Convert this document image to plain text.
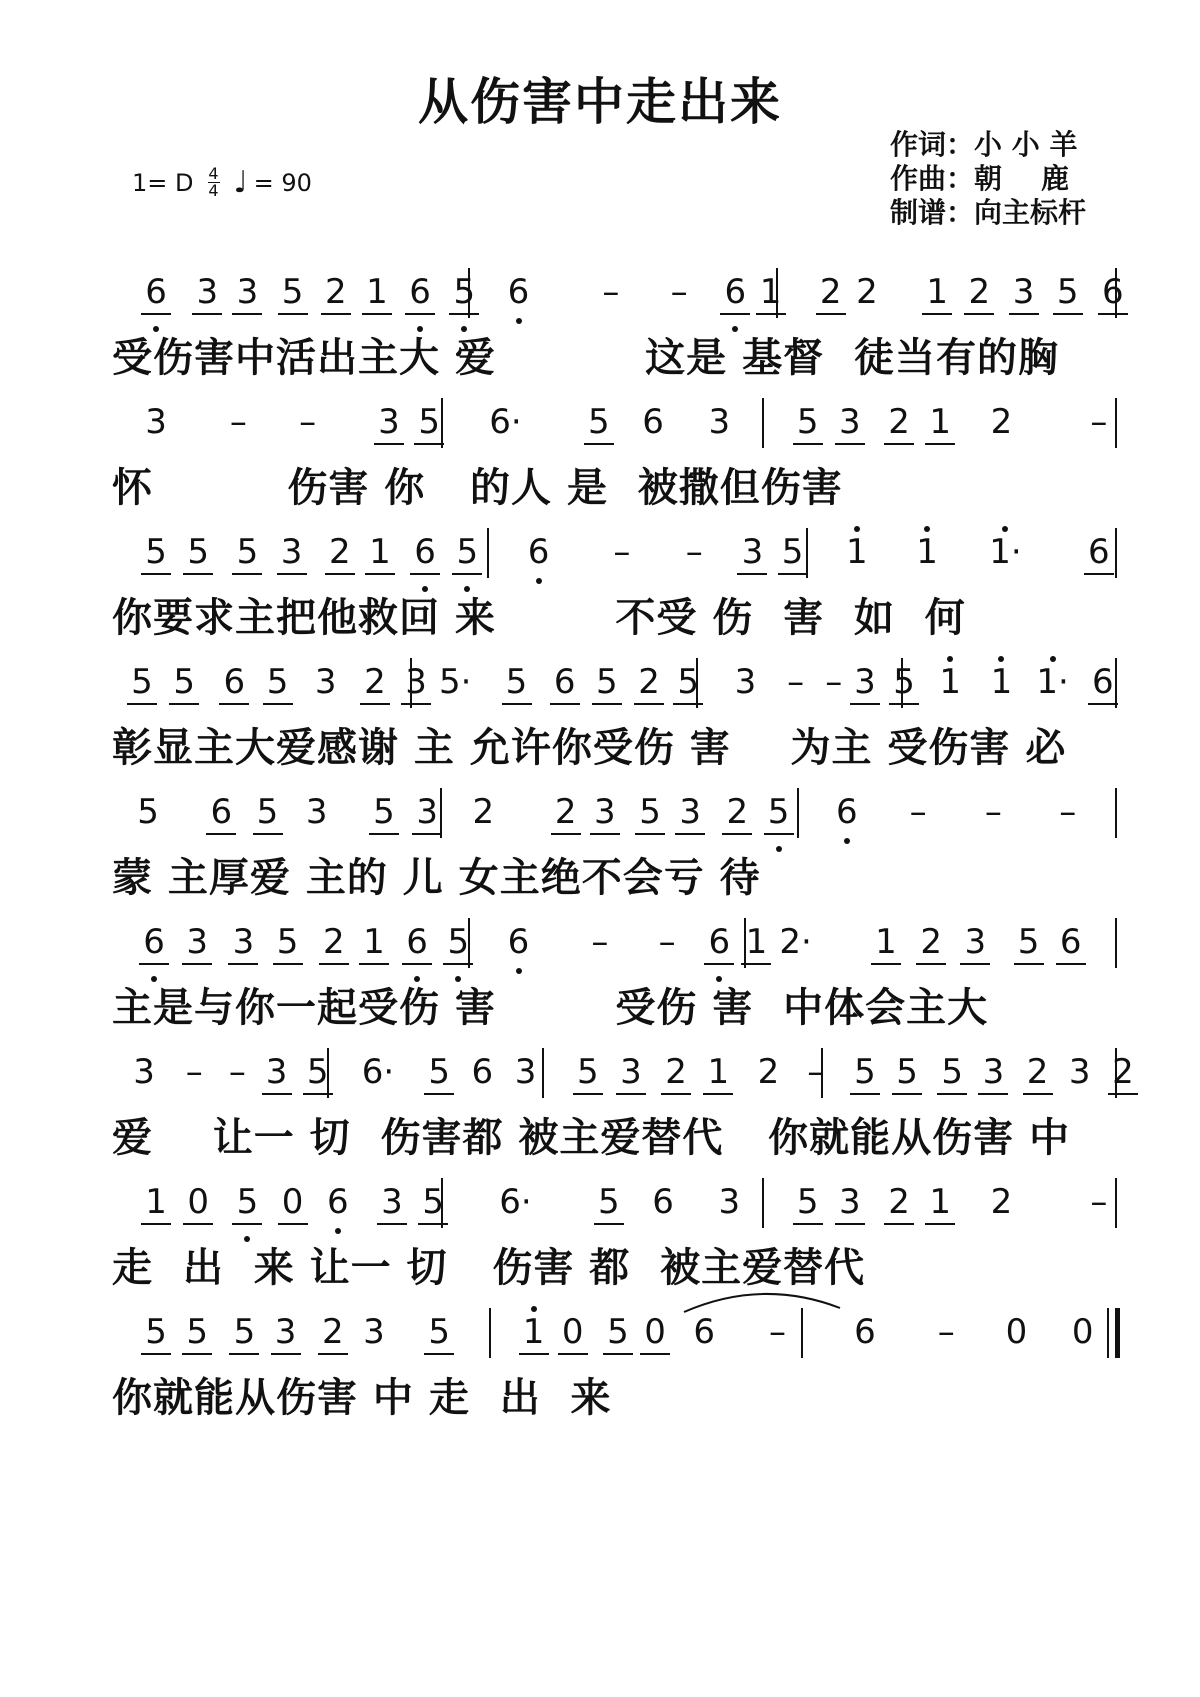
从伤害中走出来
1= D $\frac{4}{4}$ ♩ = 90
作词：小 小 羊
作曲：朝    鹿
制谱：向主标杆
6 3 3 5 2 1 6 5 6	–	–	6 1 2 2 1 2 3 5 6
受伤害中活出主大 爱          这是 基督  徒当有的胸
3	–	–	3 5 6· 5 6 3 5 3 2 1 2	–
怀         伤害 你   的人 是  被撒但伤害
5 5 5 3 2 1 6 5 6	–	–	3 5 1 1 1· 6
你要求主把他救回 来        不受 伤  害  如  何
5 5 6 5 3 2 3 5· 5 6 5 2 5 3 – – 3 5 1 1 1· 6
彰显主大爱感谢 主 允许你受伤 害    为主 受伤害 必
5 6 5 3 5 3 2 2 3 5 3 2 5 6	–	–	–
蒙 主厚爱 主的 儿 女主绝不会亏 待
6 3 3 5 2 1 6 5 6	–	– 6 1 2· 1 2 3 5 6
主是与你一起受伤 害        受伤 害  中体会主大
3 – – 3 5 6· 5 6 3 5 3 2 1 2 – 5 5 5 3 2 3 2
爱    让一 切  伤害都 被主爱替代   你就能从伤害 中
1 0 5 0 6 3 5 6· 5 6 3 5 3 2 1 2	–
走  出  来 让一 切   伤害 都  被主爱替代
5 5 5 3 2 3 5 1 0 5 0 6	–	6	–	0 0
你就能从伤害 中 走  出  来
